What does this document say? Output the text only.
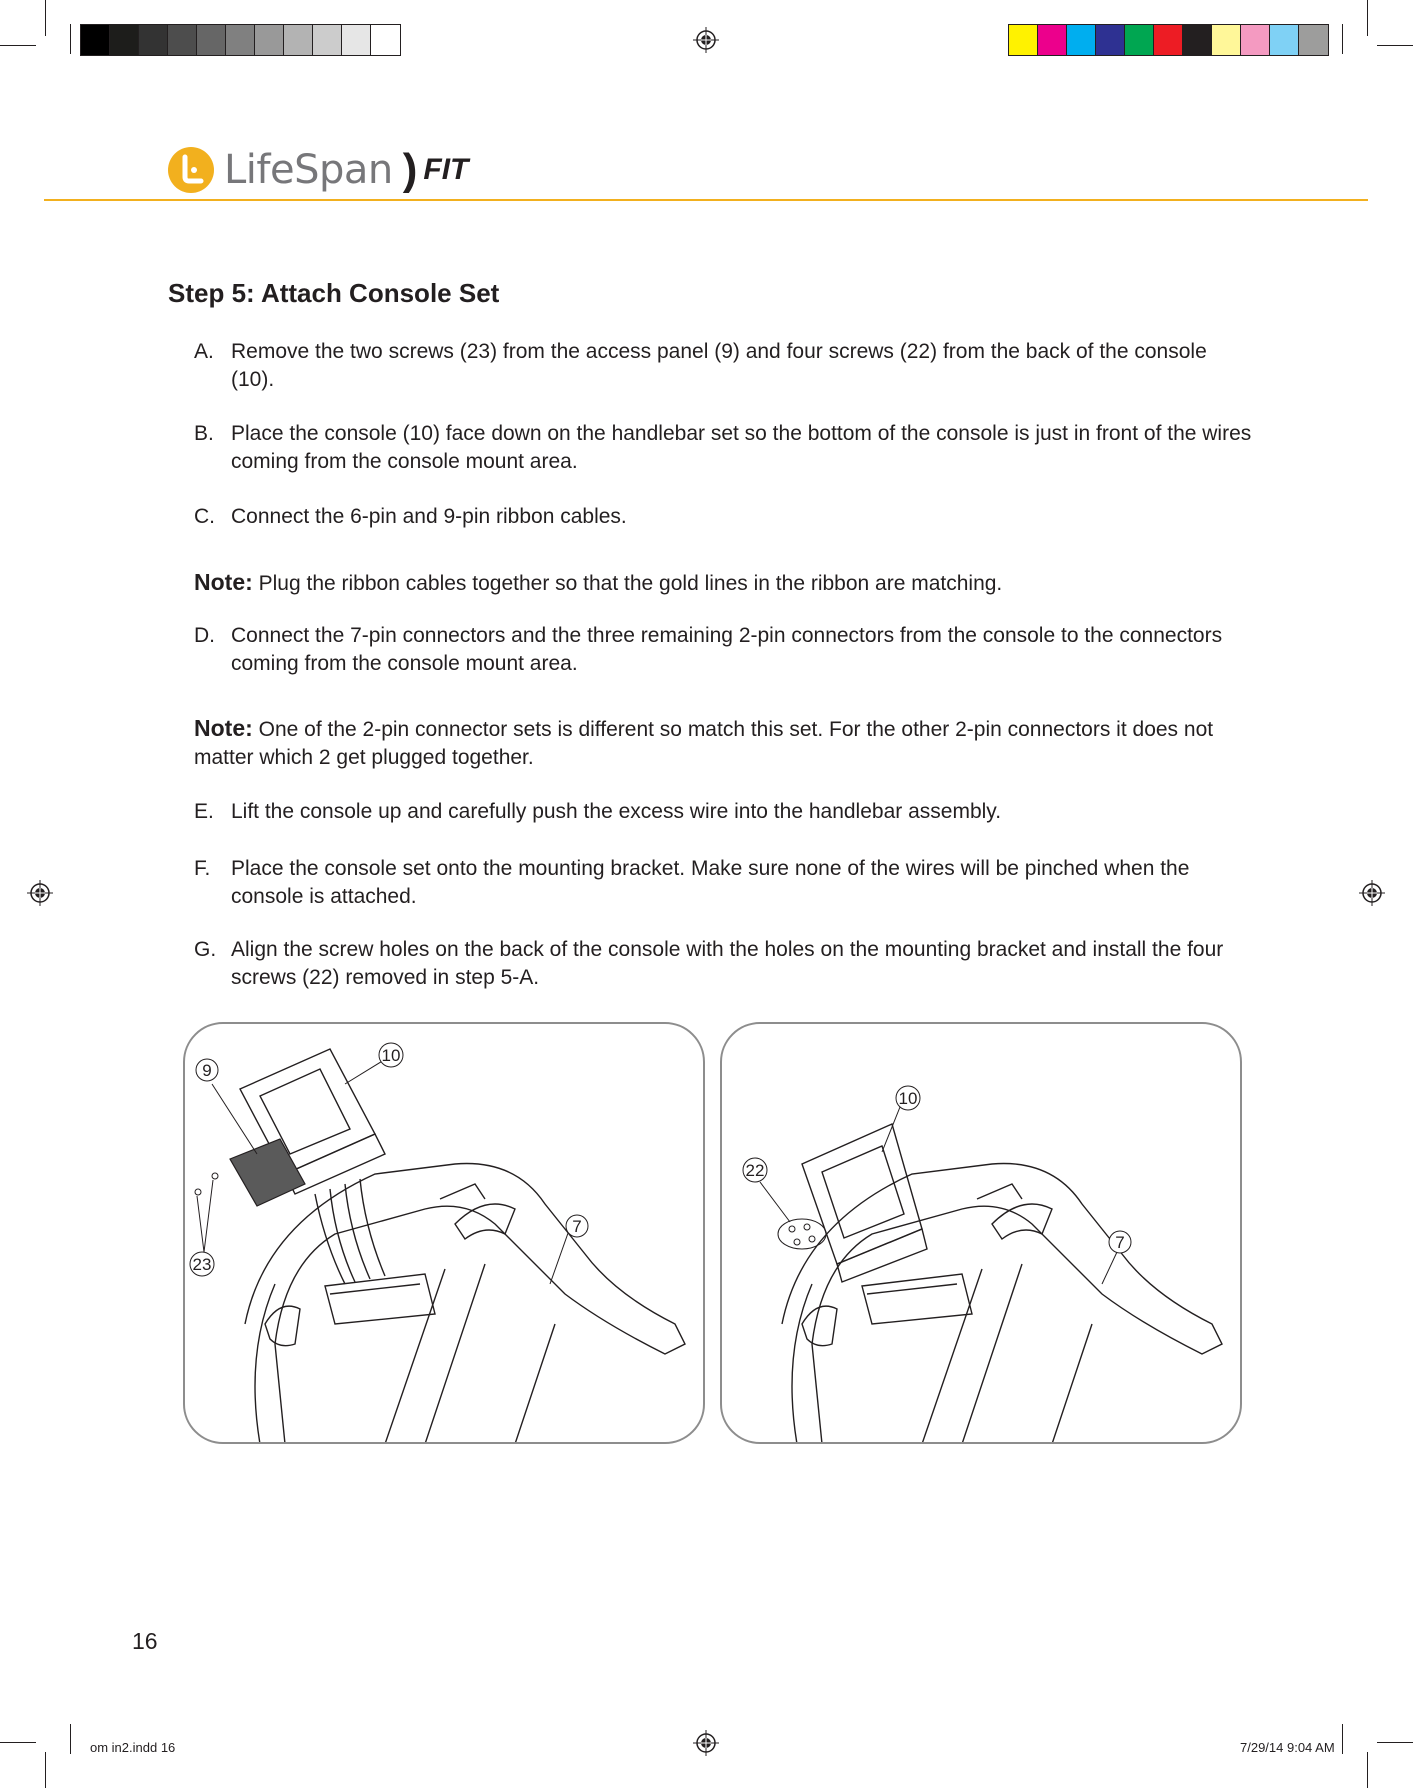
LifeSpan ) FIT
Step 5: Attach Console Set
A. Remove the two screws (23) from the access panel (9) and four screws (22) from the back of the console (10).
B. Place the console (10) face down on the handlebar set so the bottom of the console is just in front of the wires coming from the console mount area.
C. Connect the 6-pin and 9-pin ribbon cables.
Note: Plug the ribbon cables together so that the gold lines in the ribbon are matching.
D. Connect the 7-pin connectors and the three remaining 2-pin connectors from the console to the connectors coming from the console mount area.
Note: One of the 2-pin connector sets is different so match this set. For the other 2-pin connectors it does not matter which 2 get plugged together.
E. Lift the console up and carefully push the excess wire into the handlebar assembly.
F. Place the console set onto the mounting bracket. Make sure none of the wires will be pinched when the console is attached.
G. Align the screw holes on the back of the console with the holes on the mounting bracket and install the four screws (22) removed in step 5-A.
9
10
23
7
22
10
7
16
om in2.indd 16	7/29/14 9:04 AM
